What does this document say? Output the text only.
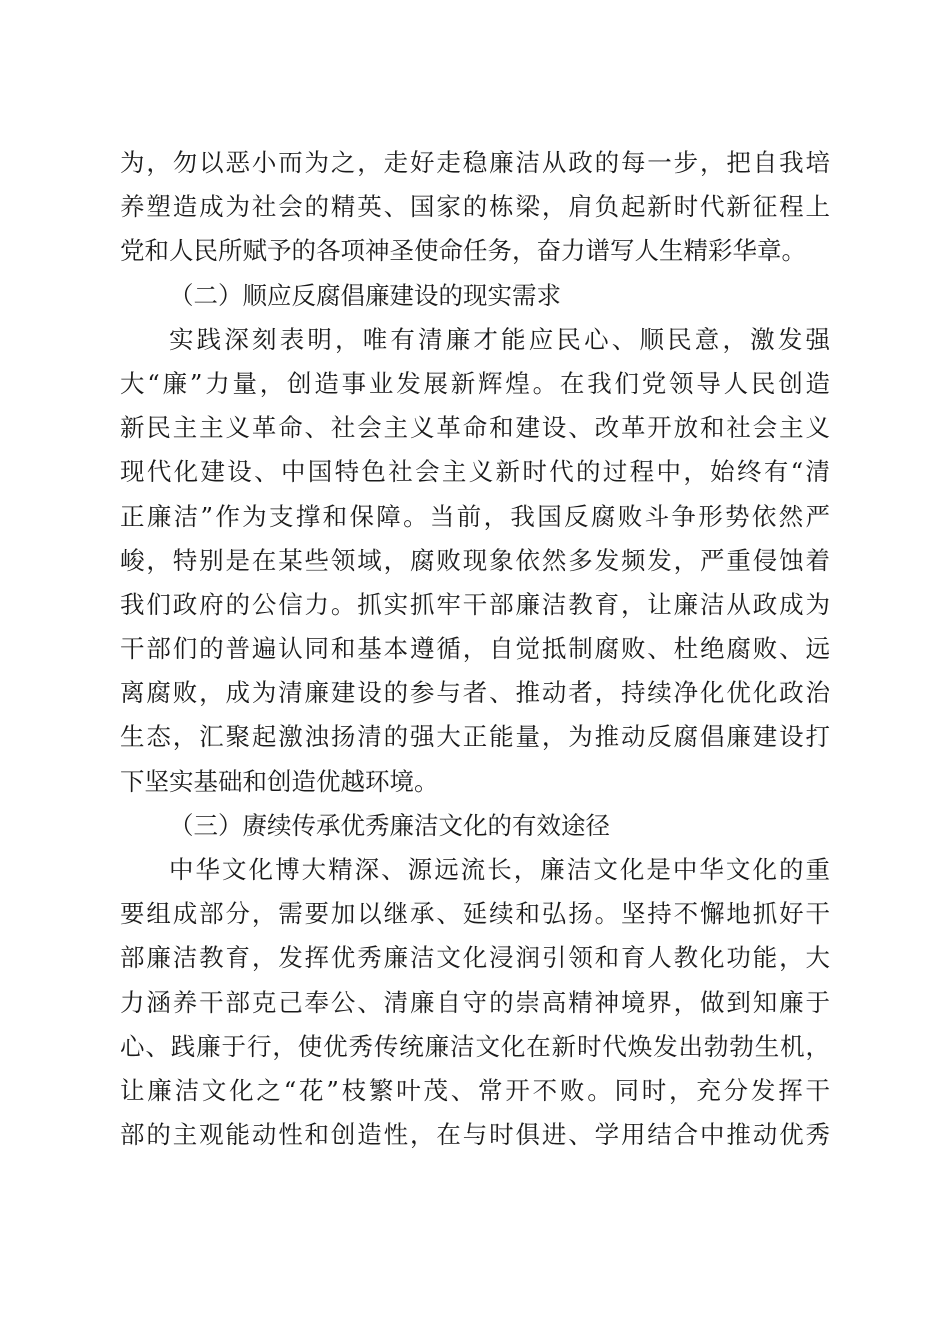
为，勿以恶小而为之，走好走稳廉洁从政的每一步，把自我培
养塑造成为社会的精英、国家的栋梁，肩负起新时代新征程上
党和人民所赋予的各项神圣使命任务，奋力谱写人生精彩华章。
（二）顺应反腐倡廉建设的现实需求
实践深刻表明，唯有清廉才能应民心、顺民意，激发强
大“廉”力量，创造事业发展新辉煌。在我们党领导人民创造
新民主主义革命、社会主义革命和建设、改革开放和社会主义
现代化建设、中国特色社会主义新时代的过程中，始终有“清
正廉洁”作为支撑和保障。当前，我国反腐败斗争形势依然严
峻，特别是在某些领域，腐败现象依然多发频发，严重侵蚀着
我们政府的公信力。抓实抓牢干部廉洁教育，让廉洁从政成为
干部们的普遍认同和基本遵循，自觉抵制腐败、杜绝腐败、远
离腐败，成为清廉建设的参与者、推动者，持续净化优化政治
生态，汇聚起激浊扬清的强大正能量，为推动反腐倡廉建设打
下坚实基础和创造优越环境。
（三）赓续传承优秀廉洁文化的有效途径
中华文化博大精深、源远流长，廉洁文化是中华文化的重
要组成部分，需要加以继承、延续和弘扬。坚持不懈地抓好干
部廉洁教育，发挥优秀廉洁文化浸润引领和育人教化功能，大
力涵养干部克己奉公、清廉自守的崇高精神境界，做到知廉于
心、践廉于行，使优秀传统廉洁文化在新时代焕发出勃勃生机，
让廉洁文化之“花”枝繁叶茂、常开不败。同时，充分发挥干
部的主观能动性和创造性，在与时俱进、学用结合中推动优秀
